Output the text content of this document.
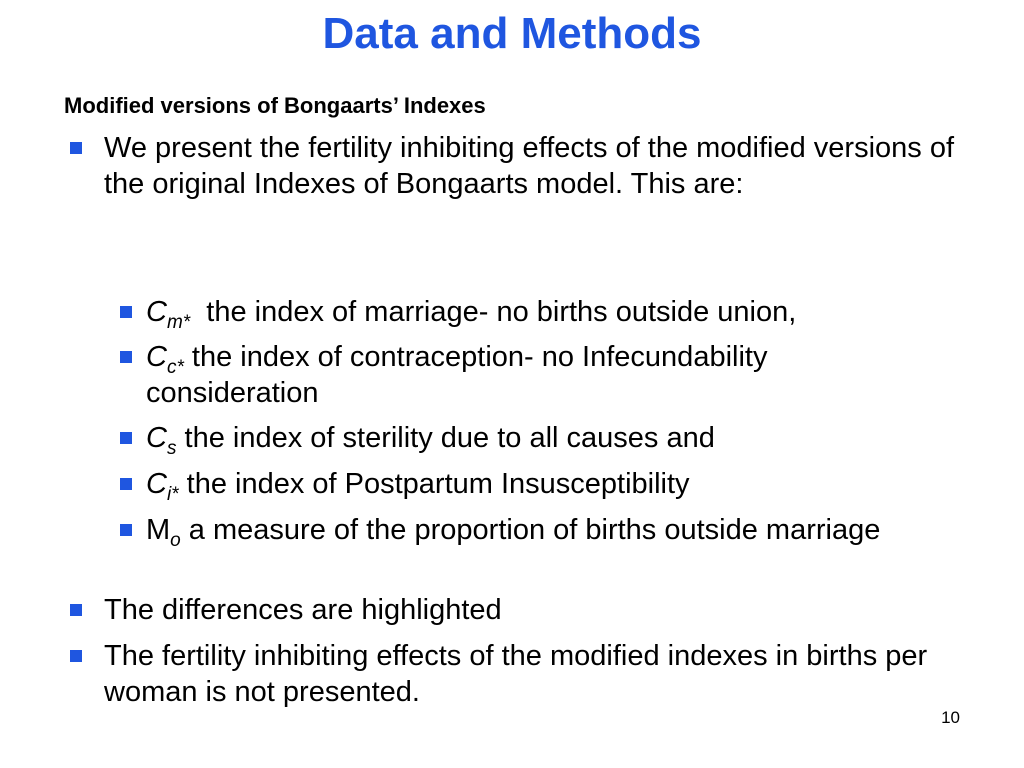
Data and Methods
Modified versions of Bongaarts’ Indexes
We present the fertility inhibiting effects of the modified versions of the original Indexes of Bongaarts model. This are:
$C_{m*}$  the index of marriage- no births outside union,
$C_{c*}$ the index of contraception- no Infecundability consideration
$C_s$ the index of sterility due to all causes and
$C_{i*}$ the index of Postpartum Insusceptibility
$M_o$ a measure of the proportion of births outside marriage
The differences are highlighted
The fertility inhibiting effects of the modified indexes in births per woman is not presented.
10
